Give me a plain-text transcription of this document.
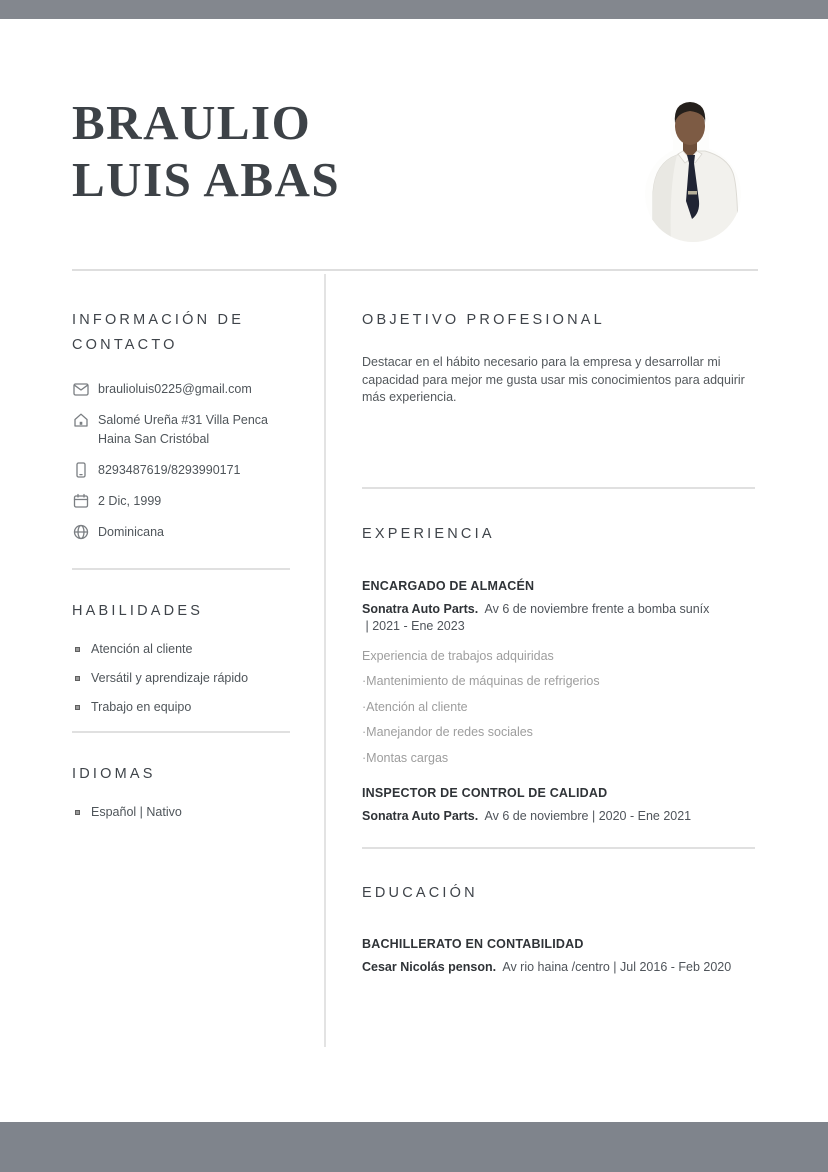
BRAULIO
LUIS ABAS
INFORMACIÓN DE CONTACTO
braulioluis0225@gmail.com
Salomé Ureña #31 Villa Penca Haina San Cristóbal
8293487619/8293990171
2 Dic, 1999
Dominicana
HABILIDADES
Atención al cliente
Versátil y aprendizaje rápido
Trabajo en equipo
IDIOMAS
Español | Nativo
OBJETIVO PROFESIONAL

Destacar en el hábito necesario para la empresa y desarrollar mi capacidad para mejor me gusta usar mis conocimientos para adquirir más experiencia.

EXPERIENCIA

ENCARGADO DE ALMACÉN

Sonatra Auto Parts. Av 6 de noviembre frente a bomba suníx
| 2021 - Ene 2023

Experiencia de trabajos adquiridas
·Mantenimiento de máquinas de refrigerios
·Atención al cliente
·Manejandor de redes sociales
·Montas cargas

INSPECTOR DE CONTROL DE CALIDAD

Sonatra Auto Parts. Av 6 de noviembre | 2020 - Ene 2021

EDUCACIÓN

BACHILLERATO EN CONTABILIDAD

Cesar Nicolás penson. Av rio haina /centro | Jul 2016 - Feb 2020
